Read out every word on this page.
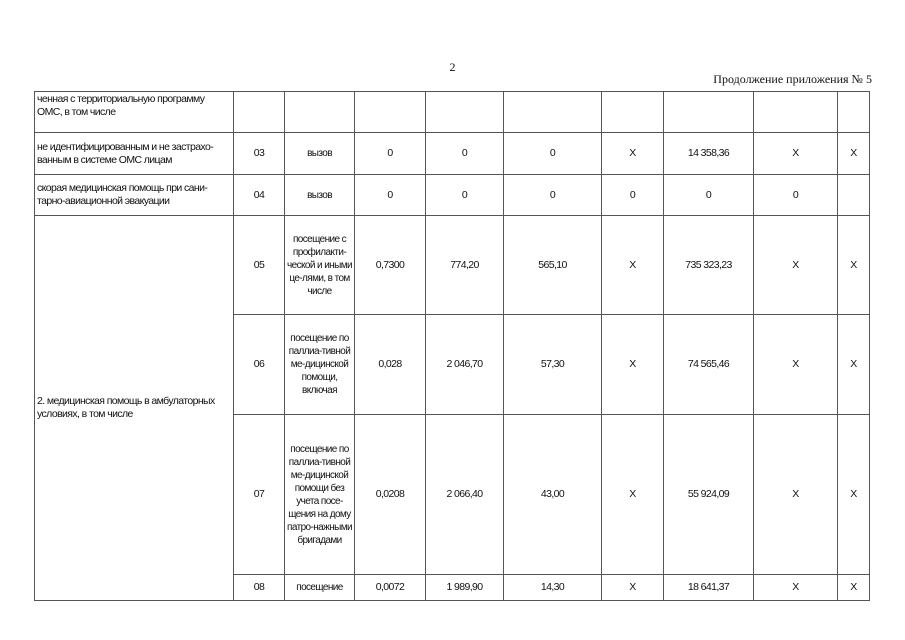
2
Продолжение приложения № 5
ченная с территориальную программу ОМС, в том числе									
не идентифицированным и не застрахо-ванным в системе ОМС лицам	03	вызов	0	0	0	Х	14 358,36	Х	Х
скорая медицинская помощь при сани-тарно-авиационной эвакуации	04	вызов	0	0	0	0	0	0	
2. медицинская помощь в амбулаторных условиях, в том числе	05	посещение с профилакти-ческой и иными це-лями, в том числе	0,7300	774,20	565,10	Х	735 323,23	Х	Х
	06	посещение по паллиа-тивной ме-дицинской помощи, включая	0,028	2 046,70	57,30	Х	74 565,46	Х	Х
	07	посещение по паллиа-тивной ме-дицинской помощи без учета посе-щения на дому патро-нажными бригадами	0,0208	2 066,40	43,00	Х	55 924,09	Х	Х
	08	посещение	0,0072	1 989,90	14,30	Х	18 641,37	Х	Х
